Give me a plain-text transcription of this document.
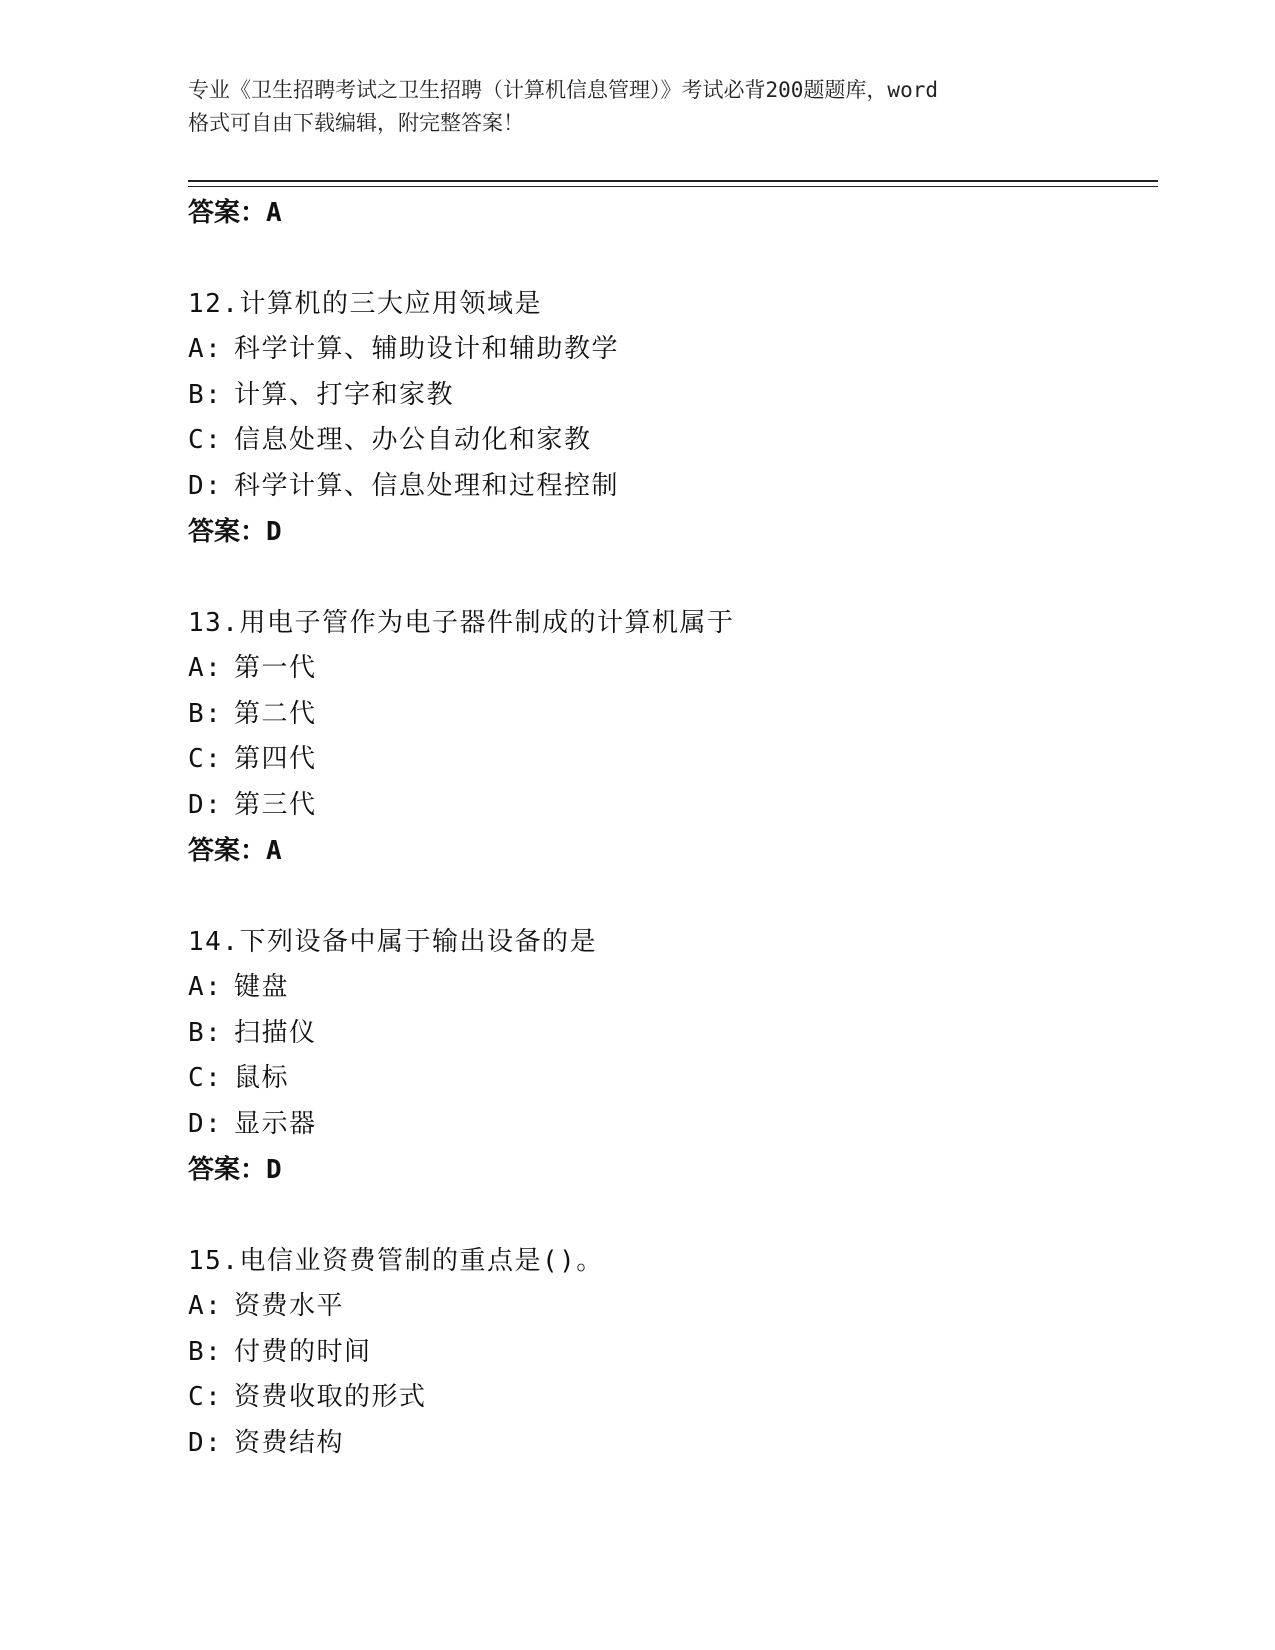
专业《卫生招聘考试之卫生招聘（计算机信息管理）》考试必背200题题库，word
格式可自由下载编辑，附完整答案！
答案：A
12.计算机的三大应用领域是
A: 科学计算、辅助设计和辅助教学
B: 计算、打字和家教
C: 信息处理、办公自动化和家教
D: 科学计算、信息处理和过程控制
答案：D
13.用电子管作为电子器件制成的计算机属于
A: 第一代
B: 第二代
C: 第四代
D: 第三代
答案：A
14.下列设备中属于输出设备的是
A: 键盘
B: 扫描仪
C: 鼠标
D: 显示器
答案：D
15.电信业资费管制的重点是()。
A: 资费水平
B: 付费的时间
C: 资费收取的形式
D: 资费结构
